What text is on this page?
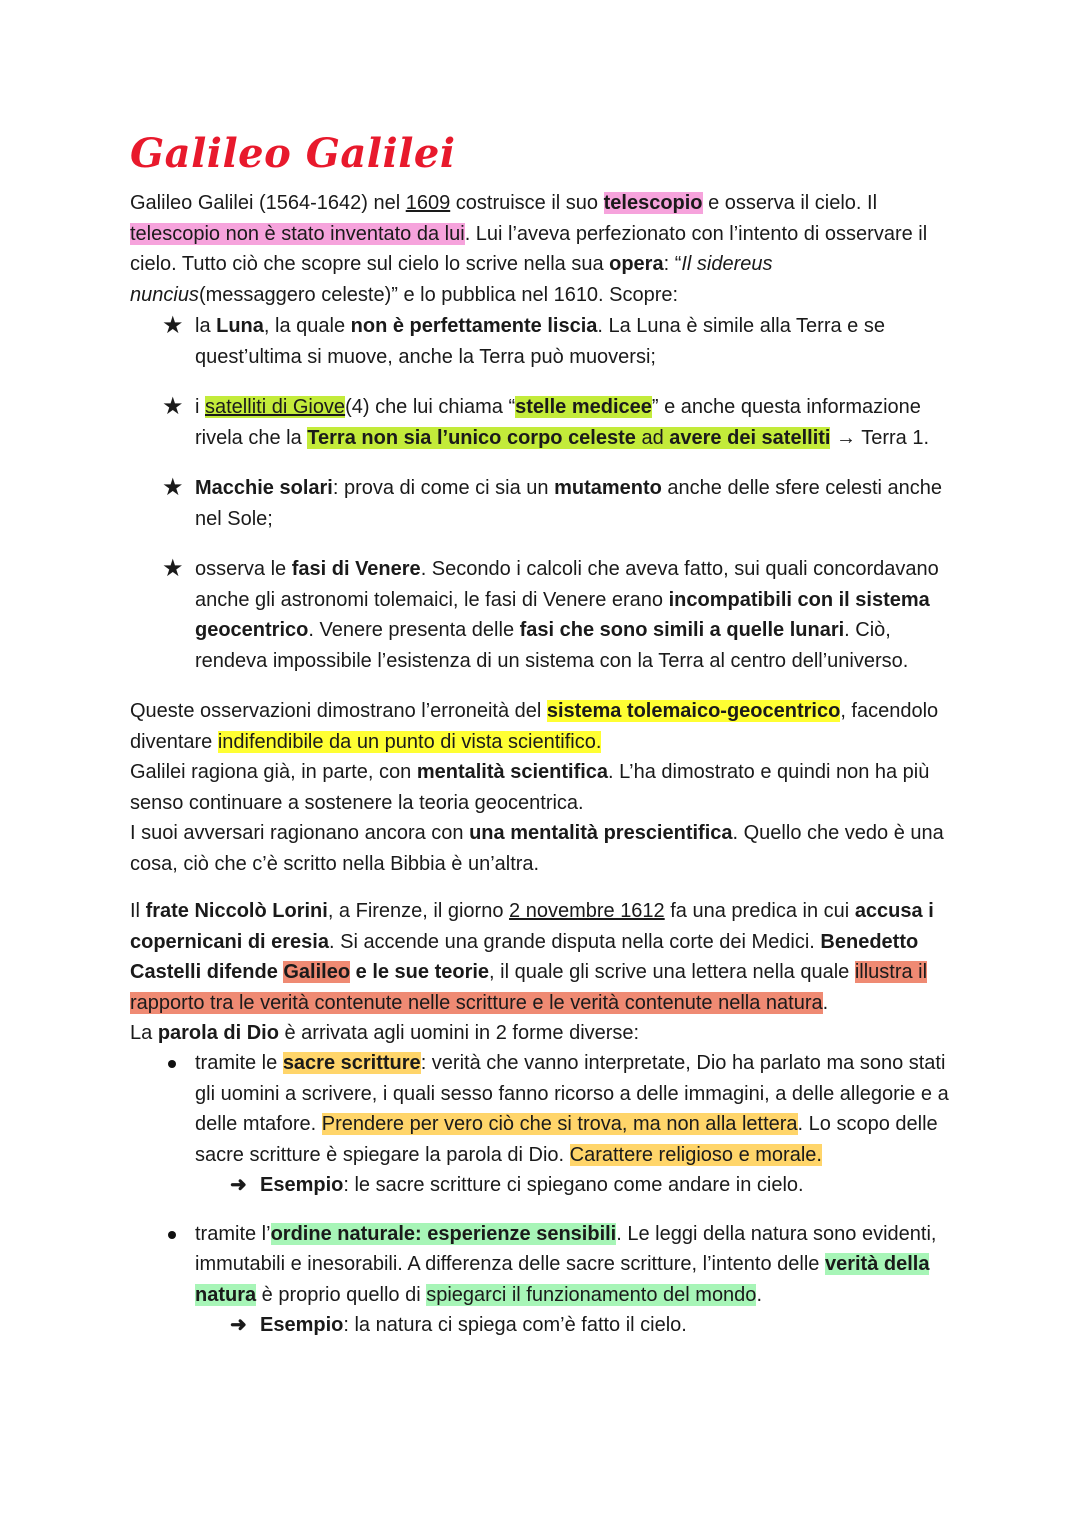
Galileo Galilei

Galileo Galilei (1564-1642) nel 1609 costruisce il suo telescopio e osserva il cielo. Il telescopio non è stato inventato da lui. Lui l’aveva perfezionato con l’intento di osservare il cielo. Tutto ciò che scopre sul cielo lo scrive nella sua opera: “Il sidereus nuncius(messaggero celeste)” e lo pubblica nel 1610. Scopre:

★ la Luna, la quale non è perfettamente liscia. La Luna è simile alla Terra e se quest’ultima si muove, anche la Terra può muoversi;
★ i satelliti di Giove(4) che lui chiama “stelle medicee” e anche questa informazione rivela che la Terra non sia l’unico corpo celeste ad avere dei satelliti → Terra 1.
★ Macchie solari: prova di come ci sia un mutamento anche delle sfere celesti anche nel Sole;
★ osserva le fasi di Venere. Secondo i calcoli che aveva fatto, sui quali concordavano anche gli astronomi tolemaici, le fasi di Venere erano incompatibili con il sistema geocentrico. Venere presenta delle fasi che sono simili a quelle lunari. Ciò, rendeva impossibile l’esistenza di un sistema con la Terra al centro dell’universo.

Queste osservazioni dimostrano l’erroneità del sistema tolemaico-geocentrico, facendolo diventare indifendibile da un punto di vista scientifico.

Galilei ragiona già, in parte, con mentalità scientifica. L’ha dimostrato e quindi non ha più senso continuare a sostenere la teoria geocentrica.

I suoi avversari ragionano ancora con una mentalità prescientifica. Quello che vedo è una cosa, ciò che c’è scritto nella Bibbia è un’altra.

Il frate Niccolò Lorini, a Firenze, il giorno 2 novembre 1612 fa una predica in cui accusa i copernicani di eresia. Si accende una grande disputa nella corte dei Medici. Benedetto Castelli difende Galileo e le sue teorie, il quale gli scrive una lettera nella quale illustra il rapporto tra le verità contenute nelle scritture e le verità contenute nella natura.

La parola di Dio è arrivata agli uomini in 2 forme diverse:

tramite le sacre scritture: verità che vanno interpretate, Dio ha parlato ma sono stati gli uomini a scrivere, i quali sesso fanno ricorso a delle immagini, a delle allegorie e a delle mtafore. Prendere per vero ciò che si trova, ma non alla lettera. Lo scopo delle sacre scritture è spiegare la parola di Dio. Carattere religioso e morale.
➜ Esempio: le sacre scritture ci spiegano come andare in cielo.
tramite l’ordine naturale: esperienze sensibili. Le leggi della natura sono evidenti, immutabili e inesorabili. A differenza delle sacre scritture, l’intento delle verità della natura è proprio quello di spiegarci il funzionamento del mondo.
➜ Esempio: la natura ci spiega com’è fatto il cielo.
